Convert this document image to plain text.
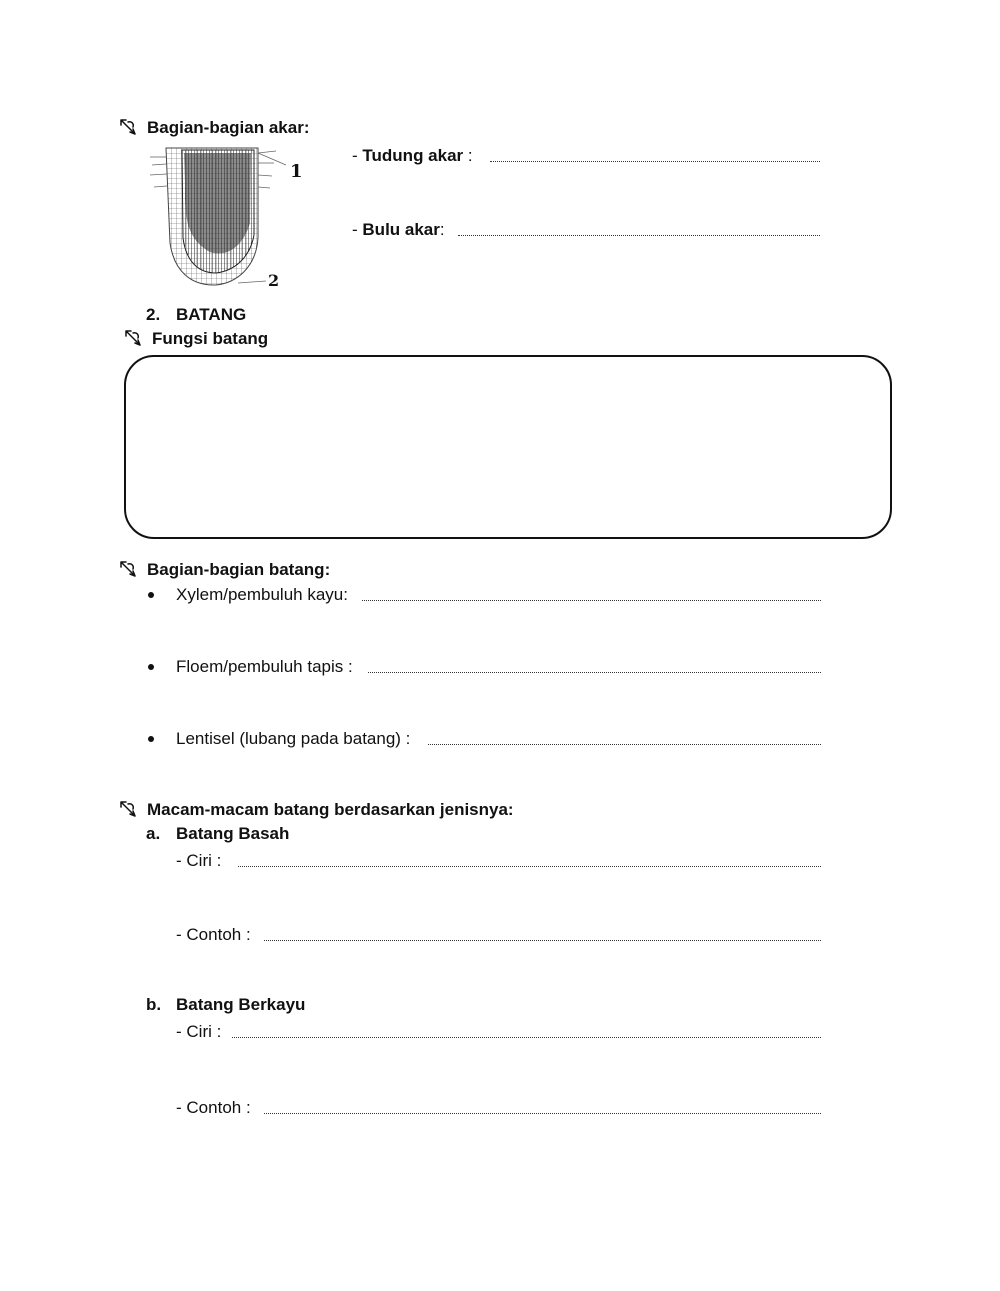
Bagian-bagian akar:
1
2
- Tudung akar :
- Bulu akar:
2. BATANG
Fungsi batang
Bagian-bagian batang:
Xylem/pembuluh kayu:
Floem/pembuluh tapis :
Lentisel (lubang pada batang) :
Macam-macam batang berdasarkan jenisnya:
a. Batang Basah
- Ciri :
- Contoh :
b. Batang Berkayu
- Ciri :
- Contoh :
